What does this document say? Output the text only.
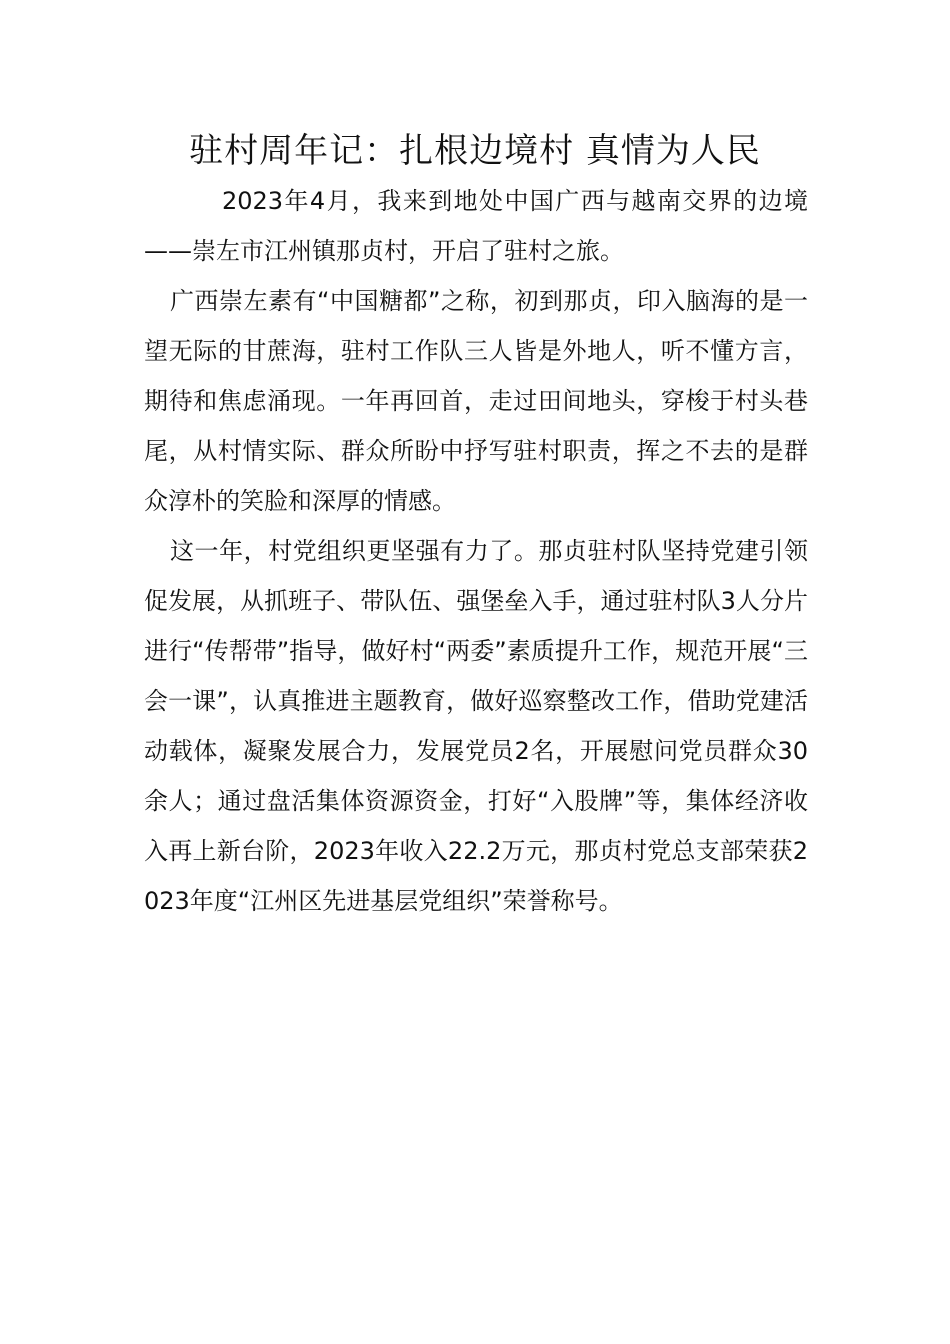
驻村周年记：扎根边境村 真情为人民

2023年4月，我来到地处中国广西与越南交界的边境——崇左市江州镇那贞村，开启了驻村之旅。

广西崇左素有“中国糖都”之称，初到那贞，印入脑海的是一望无际的甘蔗海，驻村工作队三人皆是外地人，听不懂方言，期待和焦虑涌现。一年再回首，走过田间地头，穿梭于村头巷尾，从村情实际、群众所盼中抒写驻村职责，挥之不去的是群众淳朴的笑脸和深厚的情感。

这一年，村党组织更坚强有力了。那贞驻村队坚持党建引领促发展，从抓班子、带队伍、强堡垒入手，通过驻村队3人分片进行“传帮带”指导，做好村“两委”素质提升工作，规范开展“三会一课”，认真推进主题教育，做好巡察整改工作，借助党建活动载体，凝聚发展合力，发展党员2名，开展慰问党员群众30余人；通过盘活集体资源资金，打好“入股牌”等，集体经济收入再上新台阶，2023年收入22.2万元，那贞村党总支部荣获2023年度“江州区先进基层党组织”荣誉称号。
